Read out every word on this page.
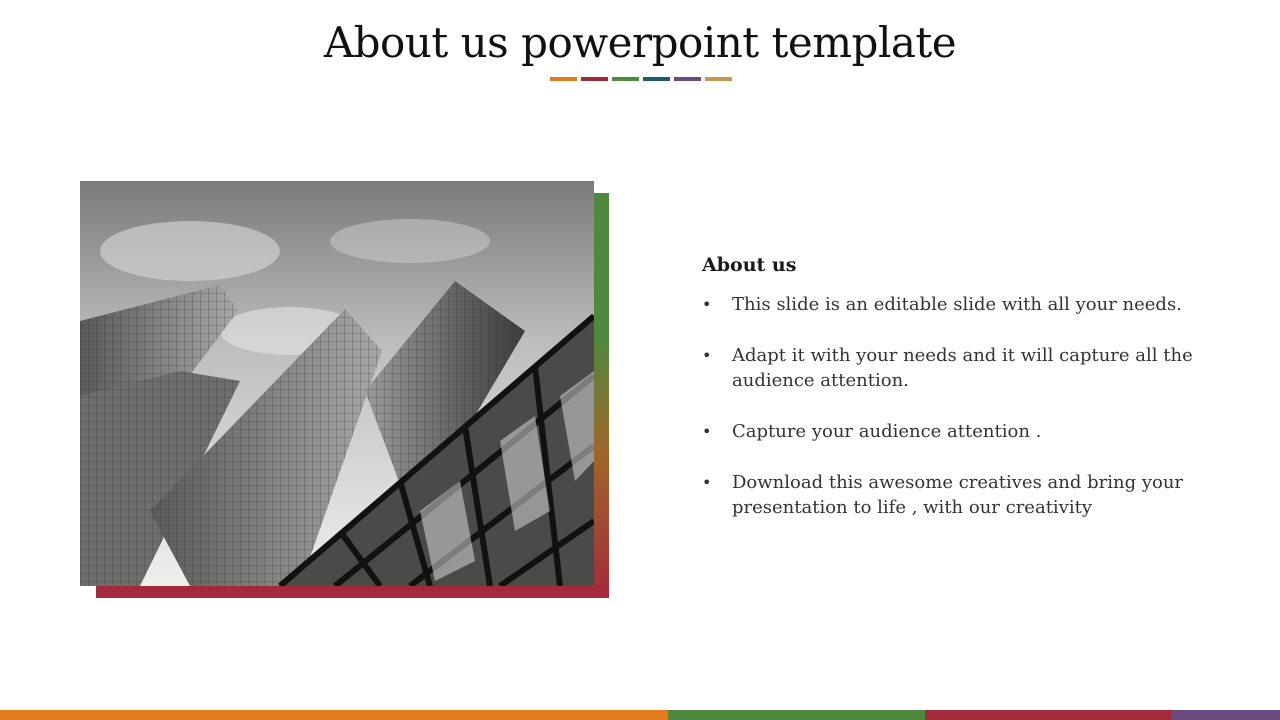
About us powerpoint template
About us
• This slide is an editable slide with all your needs.
• Adapt it with your needs and it will capture all the audience attention.
• Capture your audience attention .
• Download this awesome creatives and bring your presentation to life , with our creativity
